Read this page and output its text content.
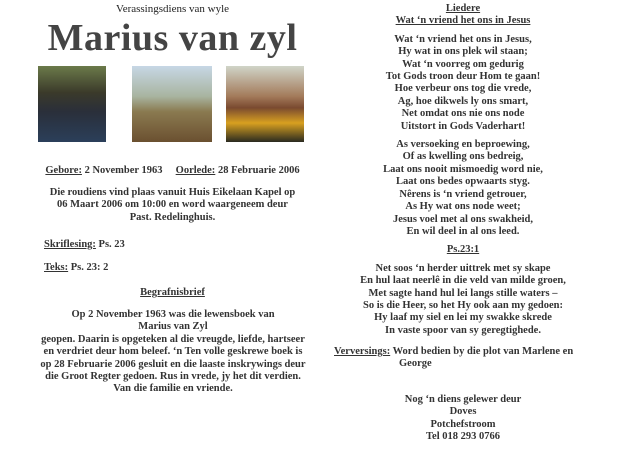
Verassingsdiens van wyle
Marius van zyl
Gebore: 2 November 1963 Oorlede: 28 Februarie 2006
Die roudiens vind plaas vanuit Huis Eikelaan Kapel op
06 Maart 2006 om 10:00 en word waargeneem deur
Past. Redelinghuis.
Skriflesing: Ps. 23
Teks: Ps. 23: 2
Begrafnisbrief
Op 2 November 1963 was die lewensboek van
Marius van Zyl
geopen. Daarin is opgeteken al die vreugde, liefde, hartseer
en verdriet deur hom beleef. ‘n Ten volle geskrewe boek is
op 28 Februarie 2006 gesluit en die laaste inskrywings deur
die Groot Regter gedoen. Rus in vrede, jy het dit verdien.
Van die familie en vriende.
Liedere
Wat ‘n vriend het ons in Jesus
Wat ‘n vriend het ons in Jesus,
Hy wat in ons plek wil staan;
Wat ‘n voorreg om gedurig
Tot Gods troon deur Hom te gaan!
Hoe verbeur ons tog die vrede,
Ag, hoe dikwels ly ons smart,
Net omdat ons nie ons node
Uitstort in Gods Vaderhart!
As versoeking en beproewing,
Of as kwelling ons bedreig,
Laat ons nooit mismoedig word nie,
Laat ons bedes opwaarts styg.
Nêrens is ‘n vriend getrouer,
As Hy wat ons node weet;
Jesus voel met al ons swakheid,
En wil deel in al ons leed.
Ps.23:1
Net soos ‘n herder uittrek met sy skape
En hul laat neerlê in die veld van milde groen,
Met sagte hand hul lei langs stille waters –
So is die Heer, so het Hy ook aan my gedoen:
Hy laaf my siel en lei my swakke skrede
In vaste spoor van sy geregtighede.
Verversings: Word bedien by die plot van Marlene en
George
Nog ‘n diens gelewer deur
Doves
Potchefstroom
Tel 018 293 0766
